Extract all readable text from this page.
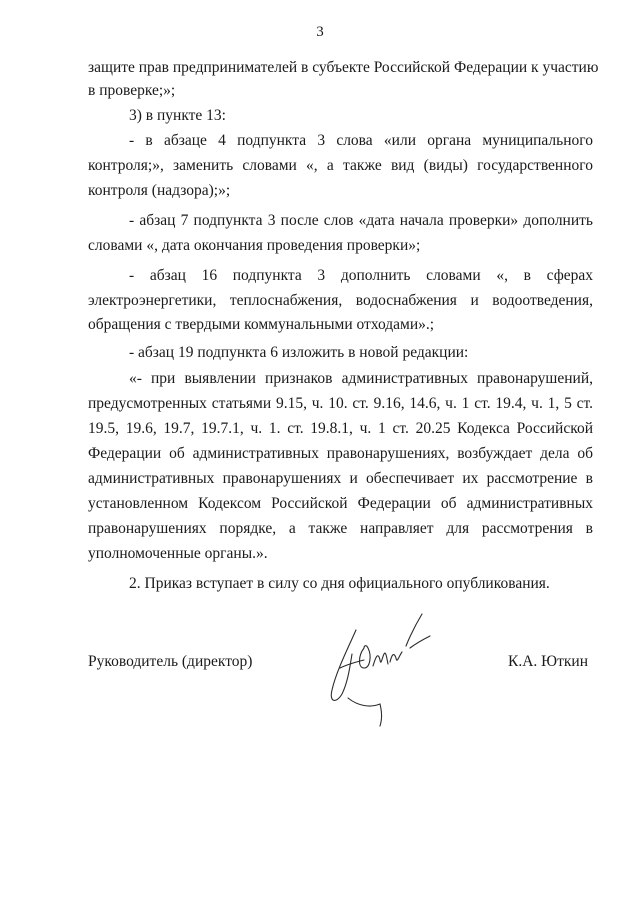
3
защите прав предпринимателей в субъекте Российской Федерации к участию
в проверке;»;
3) в пункте 13:
- в абзаце 4 подпункта 3 слова «или органа муниципального
контроля;», заменить словами «, а также вид (виды) государственного
контроля (надзора);»;
- абзац 7 подпункта 3 после слов «дата начала проверки» дополнить
словами «, дата окончания проведения проверки»;
- абзац 16 подпункта 3 дополнить словами «, в сферах
электроэнергетики, теплоснабжения, водоснабжения и водоотведения,
обращения с твердыми коммунальными отходами».;
- абзац 19 подпункта 6 изложить в новой редакции:
«- при выявлении признаков административных правонарушений,
предусмотренных статьями 9.15, ч. 10. ст. 9.16, 14.6, ч. 1 ст. 19.4, ч. 1, 5 ст.
19.5, 19.6, 19.7, 19.7.1, ч. 1. ст. 19.8.1, ч. 1 ст. 20.25 Кодекса Российской
Федерации об административных правонарушениях, возбуждает дела об
административных правонарушениях и обеспечивает их рассмотрение в
установленном Кодексом Российской Федерации об административных
правонарушениях порядке, а также направляет для рассмотрения в
уполномоченные органы.».
2. Приказ вступает в силу со дня официального опубликования.
Руководитель (директор)	К.А. Юткин
